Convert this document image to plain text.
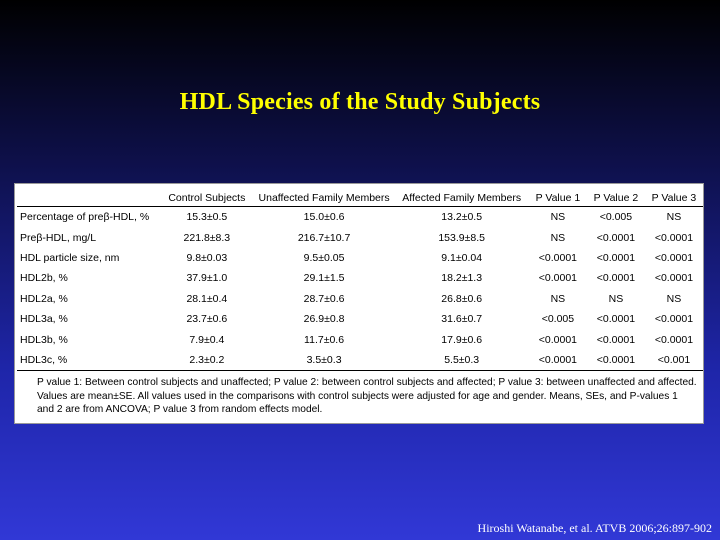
HDL Species of the Study Subjects
	Control Subjects	Unaffected Family Members	Affected Family Members	P Value 1	P Value 2	P Value 3
Percentage of preβ-HDL, %	15.3±0.5	15.0±0.6	13.2±0.5	NS	<0.005	NS
Preβ-HDL, mg/L	221.8±8.3	216.7±10.7	153.9±8.5	NS	<0.0001	<0.0001
HDL particle size, nm	9.8±0.03	9.5±0.05	9.1±0.04	<0.0001	<0.0001	<0.0001
HDL2b, %	37.9±1.0	29.1±1.5	18.2±1.3	<0.0001	<0.0001	<0.0001
HDL2a, %	28.1±0.4	28.7±0.6	26.8±0.6	NS	NS	NS
HDL3a, %	23.7±0.6	26.9±0.8	31.6±0.7	<0.005	<0.0001	<0.0001
HDL3b, %	7.9±0.4	11.7±0.6	17.9±0.6	<0.0001	<0.0001	<0.0001
HDL3c, %	2.3±0.2	3.5±0.3	5.5±0.3	<0.0001	<0.0001	<0.001
P value 1: Between control subjects and unaffected; P value 2: between control subjects and affected; P value 3: between unaffected and affected.
Values are mean±SE. All values used in the comparisons with control subjects were adjusted for age and gender. Means, SEs, and P-values 1
and 2 are from ANCOVA; P value 3 from random effects model.
Hiroshi Watanabe, et al. ATVB 2006;26:897-902
